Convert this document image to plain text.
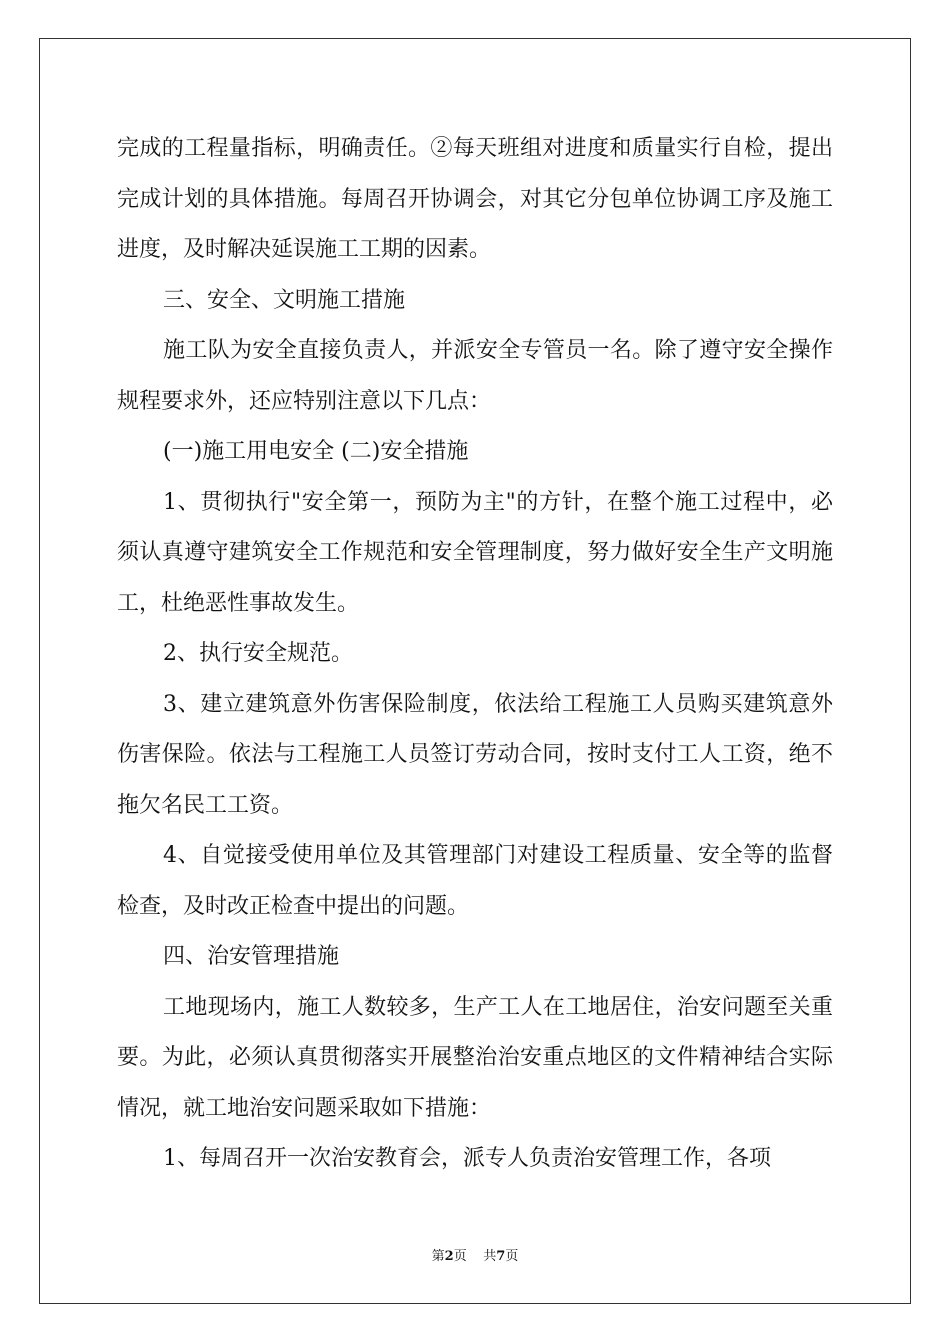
完成的工程量指标，明确责任。②每天班组对进度和质量实行自检，提出完成计划的具体措施。每周召开协调会，对其它分包单位协调工序及施工进度，及时解决延误施工工期的因素。

三、安全、文明施工措施

施工队为安全直接负责人，并派安全专管员一名。除了遵守安全操作规程要求外，还应特别注意以下几点：

(一)施工用电安全 (二)安全措施

1、贯彻执行"安全第一，预防为主"的方针，在整个施工过程中，必须认真遵守建筑安全工作规范和安全管理制度，努力做好安全生产文明施工，杜绝恶性事故发生。

2、执行安全规范。

3、建立建筑意外伤害保险制度，依法给工程施工人员购买建筑意外伤害保险。依法与工程施工人员签订劳动合同，按时支付工人工资，绝不拖欠名民工工资。

4、自觉接受使用单位及其管理部门对建设工程质量、安全等的监督检查，及时改正检查中提出的问题。

四、治安管理措施

工地现场内，施工人数较多，生产工人在工地居住，治安问题至关重要。为此，必须认真贯彻落实开展整治治安重点地区的文件精神结合实际情况，就工地治安问题采取如下措施：

1、每周召开一次治安教育会，派专人负责治安管理工作，各项

第2页 共7页
